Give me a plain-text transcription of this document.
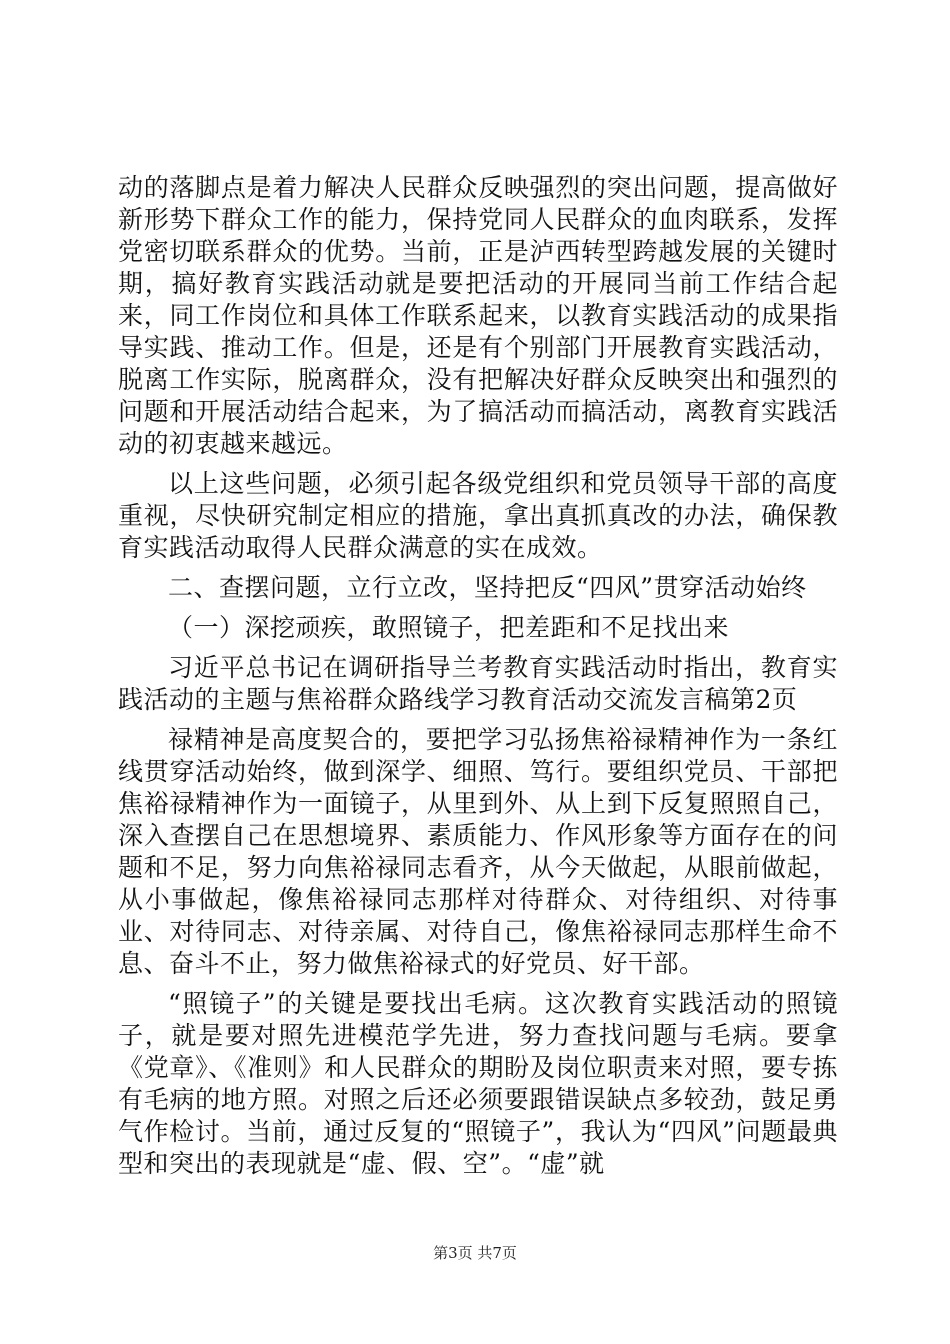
动的落脚点是着力解决人民群众反映强烈的突出问题，提高做好新形势下群众工作的能力，保持党同人民群众的血肉联系，发挥党密切联系群众的优势。当前，正是泸西转型跨越发展的关键时期，搞好教育实践活动就是要把活动的开展同当前工作结合起来，同工作岗位和具体工作联系起来，以教育实践活动的成果指导实践、推动工作。但是，还是有个别部门开展教育实践活动，脱离工作实际，脱离群众，没有把解决好群众反映突出和强烈的问题和开展活动结合起来，为了搞活动而搞活动，离教育实践活动的初衷越来越远。

以上这些问题，必须引起各级党组织和党员领导干部的高度重视，尽快研究制定相应的措施，拿出真抓真改的办法，确保教育实践活动取得人民群众满意的实在成效。

二、查摆问题，立行立改，坚持把反“四风”贯穿活动始终

（一）深挖顽疾，敢照镜子，把差距和不足找出来

习近平总书记在调研指导兰考教育实践活动时指出，教育实践活动的主题与焦裕群众路线学习教育活动交流发言稿第2页

禄精神是高度契合的，要把学习弘扬焦裕禄精神作为一条红线贯穿活动始终，做到深学、细照、笃行。要组织党员、干部把焦裕禄精神作为一面镜子，从里到外、从上到下反复照照自己，深入查摆自己在思想境界、素质能力、作风形象等方面存在的问题和不足，努力向焦裕禄同志看齐，从今天做起，从眼前做起，从小事做起，像焦裕禄同志那样对待群众、对待组织、对待事业、对待同志、对待亲属、对待自己，像焦裕禄同志那样生命不息、奋斗不止，努力做焦裕禄式的好党员、好干部。

“照镜子”的关键是要找出毛病。这次教育实践活动的照镜子，就是要对照先进模范学先进，努力查找问题与毛病。要拿《党章》、《准则》和人民群众的期盼及岗位职责来对照，要专拣有毛病的地方照。对照之后还必须要跟错误缺点多较劲，鼓足勇气作检讨。当前，通过反复的“照镜子”，我认为“四风”问题最典型和突出的表现就是“虚、假、空”。“虚”就

第3页 共7页
